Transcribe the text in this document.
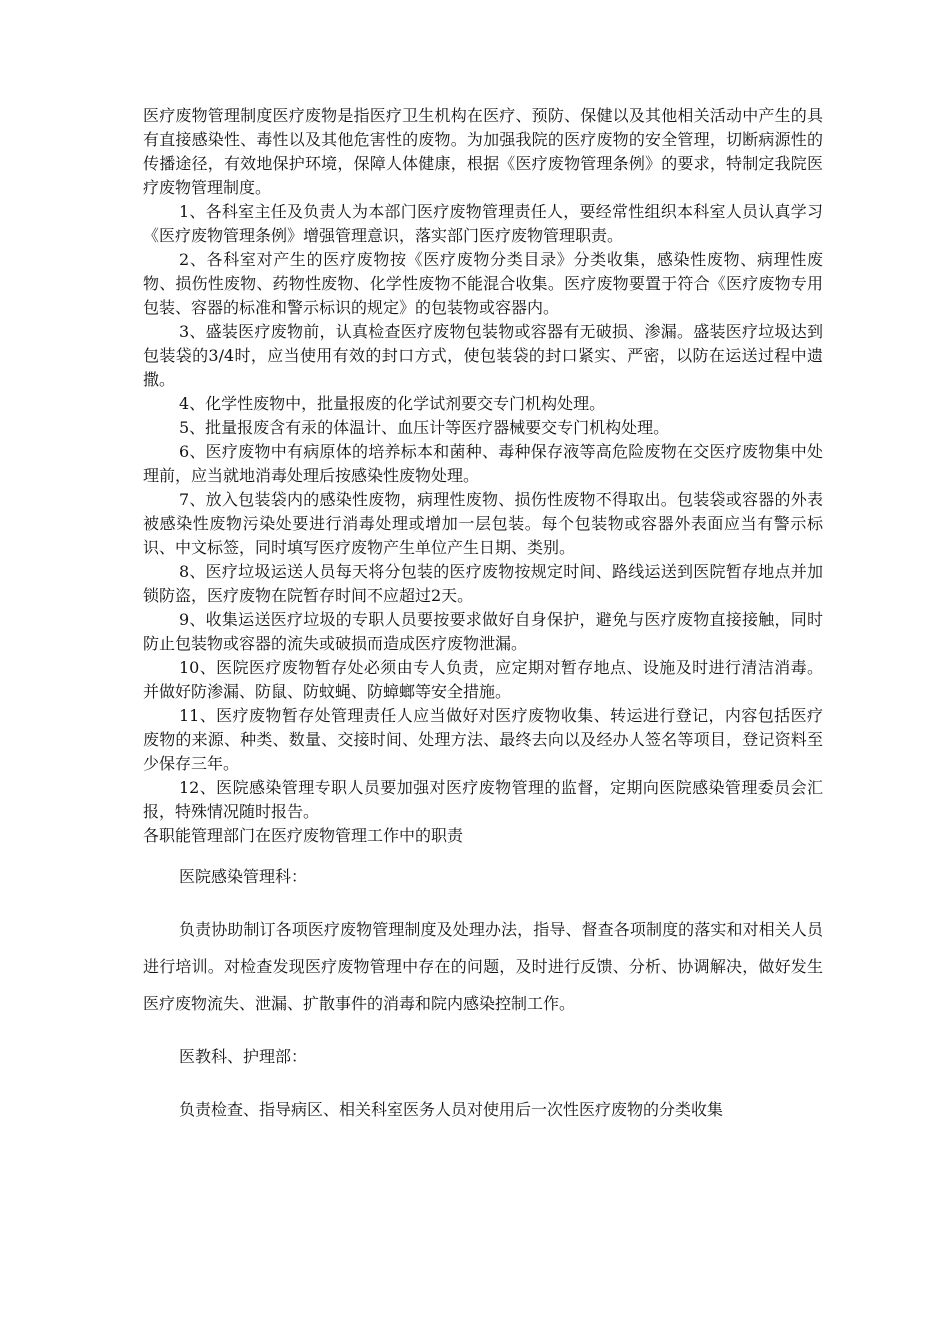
医疗废物管理制度医疗废物是指医疗卫生机构在医疗、预防、保健以及其他相关活动中产生的具有直接感染性、毒性以及其他危害性的废物。为加强我院的医疗废物的安全管理，切断病源性的传播途径，有效地保护环境，保障人体健康，根据《医疗废物管理条例》的要求，特制定我院医疗废物管理制度。

1、各科室主任及负责人为本部门医疗废物管理责任人，要经常性组织本科室人员认真学习《医疗废物管理条例》增强管理意识，落实部门医疗废物管理职责。

2、各科室对产生的医疗废物按《医疗废物分类目录》分类收集，感染性废物、病理性废物、损伤性废物、药物性废物、化学性废物不能混合收集。医疗废物要置于符合《医疗废物专用包装、容器的标准和警示标识的规定》的包装物或容器内。

3、盛装医疗废物前，认真检查医疗废物包装物或容器有无破损、渗漏。盛装医疗垃圾达到包装袋的3/4时，应当使用有效的封口方式，使包装袋的封口紧实、严密，以防在运送过程中遗撒。

4、化学性废物中，批量报废的化学试剂要交专门机构处理。

5、批量报废含有汞的体温计、血压计等医疗器械要交专门机构处理。

6、医疗废物中有病原体的培养标本和菌种、毒种保存液等高危险废物在交医疗废物集中处理前，应当就地消毒处理后按感染性废物处理。

7、放入包装袋内的感染性废物，病理性废物、损伤性废物不得取出。包装袋或容器的外表被感染性废物污染处要进行消毒处理或增加一层包装。每个包装物或容器外表面应当有警示标识、中文标签，同时填写医疗废物产生单位产生日期、类别。

8、医疗垃圾运送人员每天将分包装的医疗废物按规定时间、路线运送到医院暂存地点并加锁防盗，医疗废物在院暂存时间不应超过2天。

9、收集运送医疗垃圾的专职人员要按要求做好自身保护，避免与医疗废物直接接触，同时防止包装物或容器的流失或破损而造成医疗废物泄漏。

10、医院医疗废物暂存处必须由专人负责，应定期对暂存地点、设施及时进行清洁消毒。并做好防渗漏、防鼠、防蚊蝇、防蟑螂等安全措施。

11、医疗废物暂存处管理责任人应当做好对医疗废物收集、转运进行登记，内容包括医疗废物的来源、种类、数量、交接时间、处理方法、最终去向以及经办人签名等项目，登记资料至少保存三年。

12、医院感染管理专职人员要加强对医疗废物管理的监督，定期向医院感染管理委员会汇报，特殊情况随时报告。

各职能管理部门在医疗废物管理工作中的职责

医院感染管理科：

负责协助制订各项医疗废物管理制度及处理办法，指导、督查各项制度的落实和对相关人员进行培训。对检查发现医疗废物管理中存在的问题，及时进行反馈、分析、协调解决，做好发生医疗废物流失、泄漏、扩散事件的消毒和院内感染控制工作。

医教科、护理部：

负责检查、指导病区、相关科室医务人员对使用后一次性医疗废物的分类收集
